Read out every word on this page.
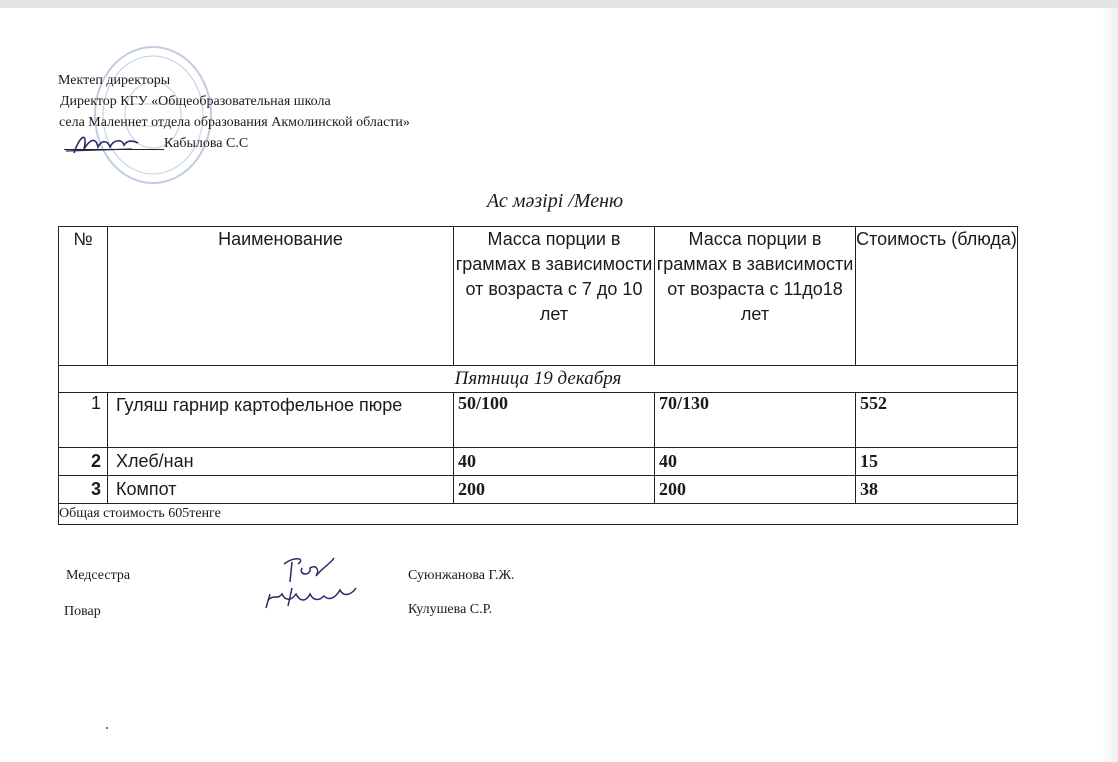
Мектеп директоры
Директор КГУ «Общеобразовательная школа
села Маленнет отдела образования Акмолинской области»
Кабылова С.С
Ас мәзірі /Меню
№	Наименование	Масса порции в граммах в зависимости от возраста с 7 до 10 лет	Масса порции в граммах в зависимости от возраста с 11до18 лет	Стоимость (блюда)
Пятница 19 декабря				
1	Гуляш гарнир картофельное пюре	50/100	70/130	552
2	Хлеб/нан	40	40	15
3	Компот	200	200	38
Общая стоимость 605тенге				
Медсестра
Повар
Суюнжанова Г.Ж.
Кулушева С.Р.
